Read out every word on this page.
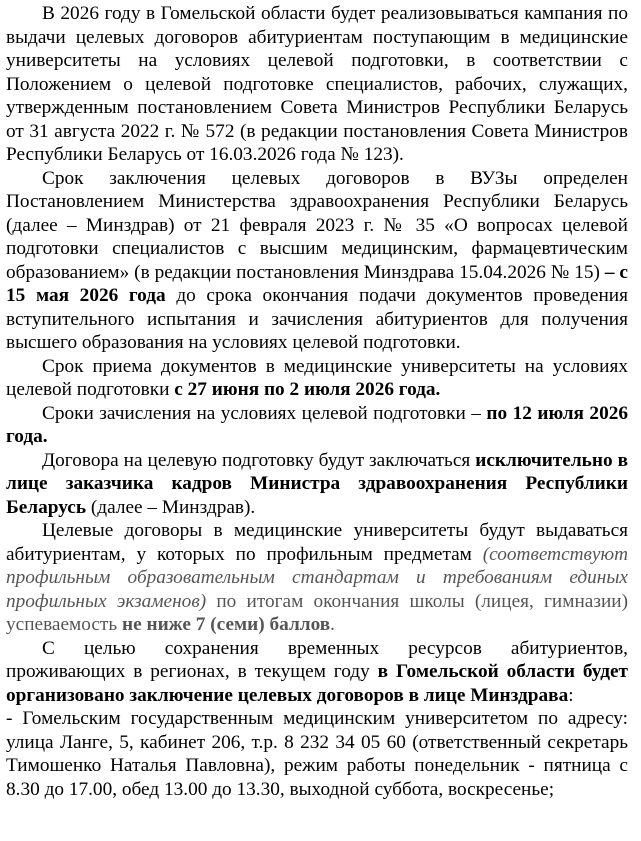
В 2026 году в Гомельской области будет реализовываться кампания по выдачи целевых договоров абитуриентам поступающим в медицинские университеты на условиях целевой подготовки, в соответствии с Положением о целевой подготовке специалистов, рабочих, служащих, утвержденным постановлением Совета Министров Республики Беларусь от 31 августа 2022 г. № 572 (в редакции постановления Совета Министров Республики Беларусь от 16.03.2026 года № 123).

Срок заключения целевых договоров в ВУЗы определен Постановлением Министерства здравоохранения Республики Беларусь (далее – Минздрав) от 21 февраля 2023 г. № 35 «О вопросах целевой подготовки специалистов с высшим медицинским, фармацевтическим образованием» (в редакции постановления Минздрава 15.04.2026 № 15) – с 15 мая 2026 года до срока окончания подачи документов проведения вступительного испытания и зачисления абитуриентов для получения высшего образования на условиях целевой подготовки.

Срок приема документов в медицинские университеты на условиях целевой подготовки с 27 июня по 2 июля 2026 года.

Сроки зачисления на условиях целевой подготовки – по 12 июля 2026 года.

Договора на целевую подготовку будут заключаться исключительно в лице заказчика кадров Министра здравоохранения Республики Беларусь (далее – Минздрав).

Целевые договоры в медицинские университеты будут выдаваться абитуриентам, у которых по профильным предметам (соответствуют профильным образовательным стандартам и требованиям единых профильных экзаменов) по итогам окончания школы (лицея, гимназии) успеваемость не ниже 7 (семи) баллов.

С целью сохранения временных ресурсов абитуриентов, проживающих в регионах, в текущем году в Гомельской области будет организовано заключение целевых договоров в лице Минздрава:

- Гомельским государственным медицинским университетом по адресу: улица Ланге, 5, кабинет 206, т.р. 8 232 34 05 60 (ответственный секретарь Тимошенко Наталья Павловна), режим работы понедельник - пятница с 8.30 до 17.00, обед 13.00 до 13.30, выходной суббота, воскресенье;
